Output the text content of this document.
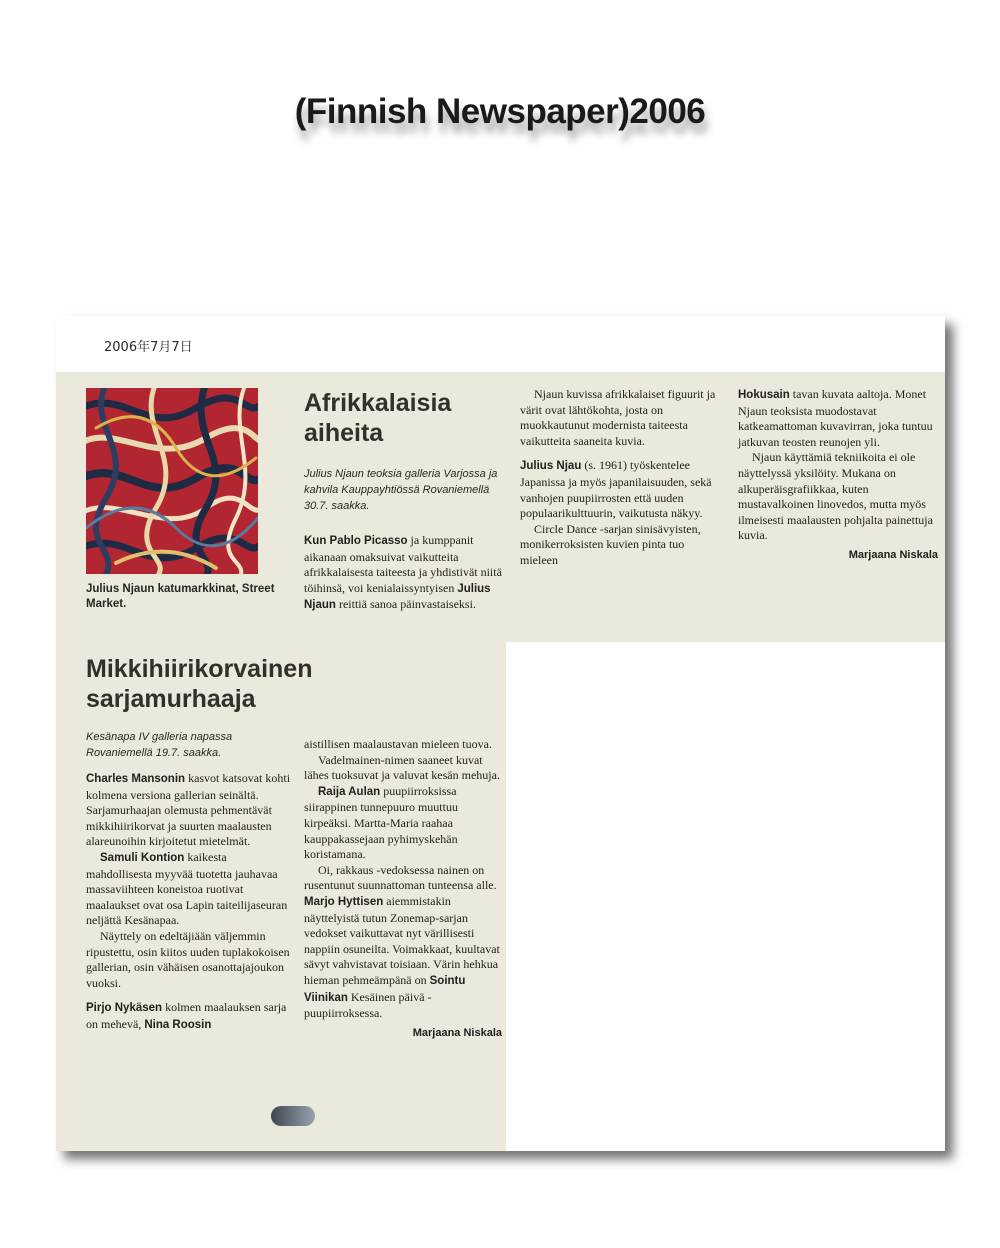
(Finnish Newspaper)2006
2006年7月7日
Julius Njaun katumarkkinat, Street Market.
Afrikkalaisia aiheita

Julius Njaun teoksia galleria Varjossa ja kahvila Kauppayhtiössä Rovaniemellä 30.7. saakka.

Kun Pablo Picasso ja kumppanit aikanaan omaksuivat vaikutteita afrikkalaisesta taiteesta ja yhdistivät niitä töihinsä, voi kenialaissyntyisen Julius Njaun reittiä sanoa päinvastaiseksi.

Njaun kuvissa afrikkalaiset figuurit ja värit ovat lähtökohta, josta on muokkautunut modernista taiteesta vaikutteita saaneita kuvia.

Julius Njau (s. 1961) työskentelee Japanissa ja myös japanilaisuuden, sekä vanhojen puupiirrosten että uuden populaarikulttuurin, vaikutusta näkyy.

Circle Dance -sarjan sinisävyisten, monikerroksisten kuvien pinta tuo mieleen

Hokusain tavan kuvata aaltoja. Monet Njaun teoksista muodostavat katkeamattoman kuvavirran, joka tuntuu jatkuvan teosten reunojen yli.

Njaun käyttämiä tekniikoita ei ole näyttelyssä yksilöity. Mukana on alkuperäisgrafiikkaa, kuten mustavalkoinen linovedos, mutta myös ilmeisesti maalausten pohjalta painettuja kuvia.

Marjaana Niskala
Mikkihiirikorvainen sarjamurhaaja

Kesänapa IV galleria napassa Rovaniemellä 19.7. saakka.

Charles Mansonin kasvot katsovat kohti kolmena versiona gallerian seinältä. Sarjamurhaajan olemusta pehmentävät mikkihiirikorvat ja suurten maalausten alareunoihin kirjoitetut mietelmät.

Samuli Kontion kaikesta mahdollisesta myyvää tuotetta jauhavaa massaviihteen koneistoa ruotivat maalaukset ovat osa Lapin taiteilijaseuran neljättä Kesänapaa.

Näyttely on edeltäjiään väljemmin ripustettu, osin kiitos uuden tuplakokoisen gallerian, osin vähäisen osanottajajoukon vuoksi.

Pirjo Nykäsen kolmen maalauksen sarja on mehevä, Nina Roosin

aistillisen maalaustavan mieleen tuova.

Vadelmainen-nimen saaneet kuvat lähes tuoksuvat ja valuvat kesän mehuja.

Raija Aulan puupiirroksissa siirappinen tunnepuuro muuttuu kirpeäksi. Martta-Maria raahaa kauppakassejaan pyhimyskehän koristamana.

Oi, rakkaus -vedoksessa nainen on rusentunut suunnattoman tunteensa alle.

Marjo Hyttisen aiemmistakin näyttelyistä tutun Zonemap-sarjan vedokset vaikuttavat nyt värillisesti nappiin osuneilta. Voimakkaat, kuultavat sävyt vahvistavat toisiaan. Värin hehkua hieman pehmeämpänä on Sointu Viinikan Kesäinen päivä -puupiirroksessa.

Marjaana Niskala
